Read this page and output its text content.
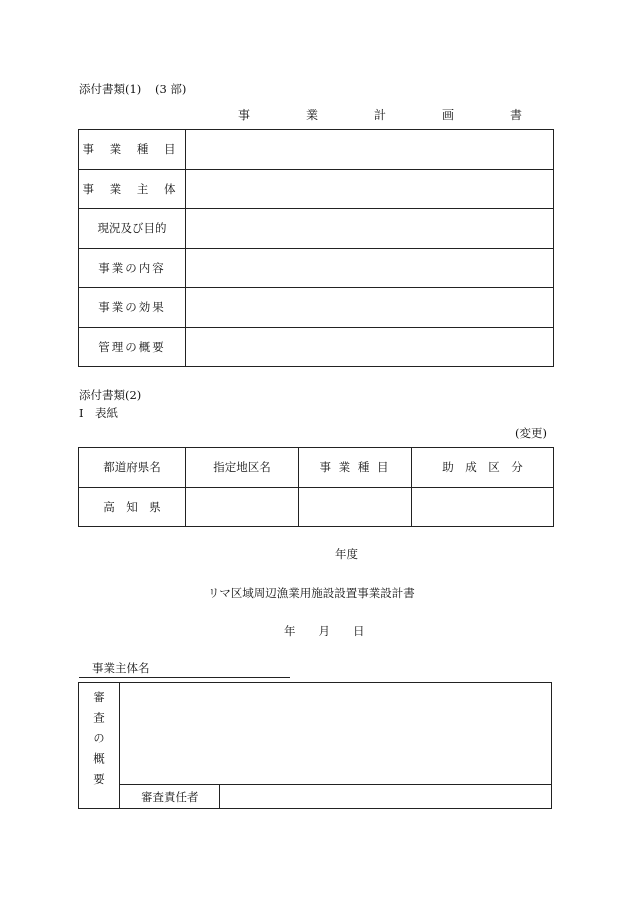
添付書類(1) (3 部)
事　業　計　画　書
事 業 種 目	
事 業 主 体	
現況及び目的	
事業の内容	
事業の効果	
管理の概要	
添付書類(2)
Ⅰ　表紙
(変更)
都道府県名	指定地区名	事 業 種 目	助　成　区　分
高　知　県			
年度
リマ区域周辺漁業用施設設置事業設計書
年　　月　　日
事業主体名
審査の概要
審査責任者
